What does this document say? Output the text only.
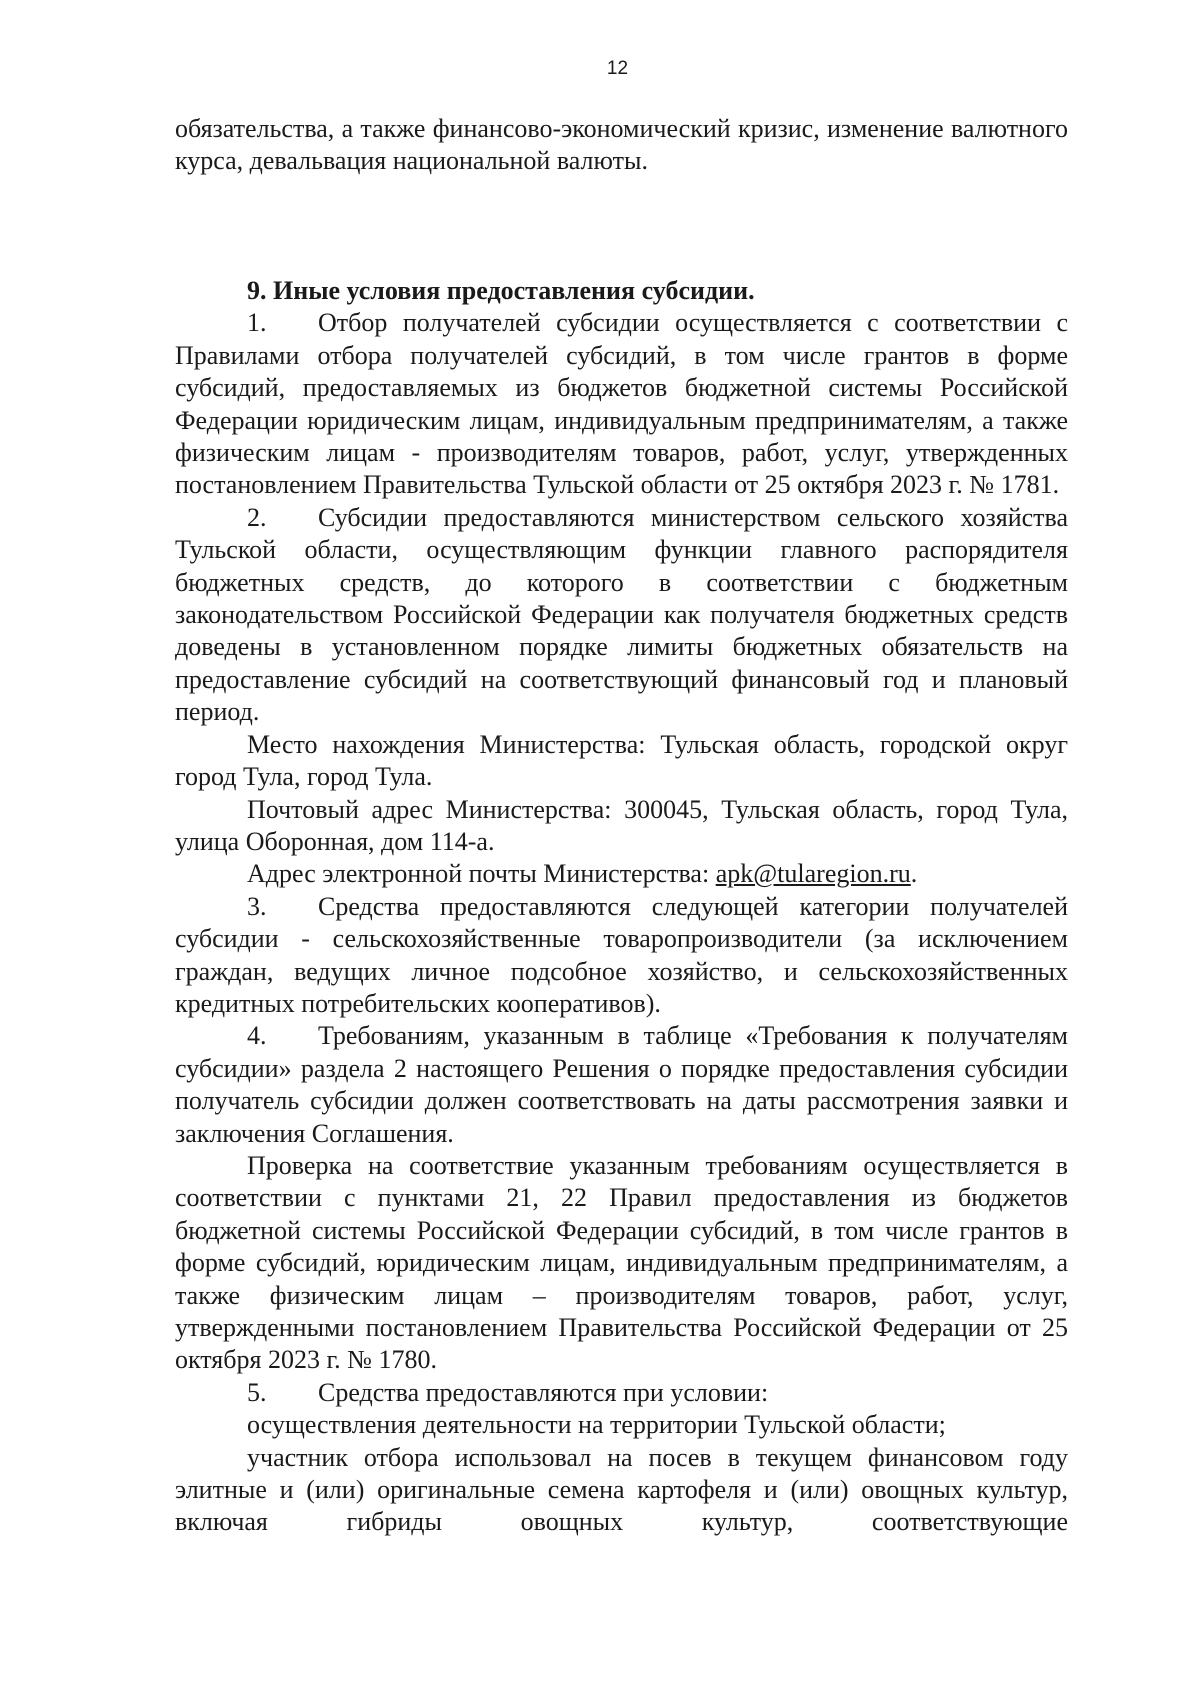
12

обязательства, а также финансово-экономический кризис, изменение валютного курса, девальвация национальной валюты.

9. Иные условия предоставления субсидии.

1. Отбор получателей субсидии осуществляется с соответствии с Правилами отбора получателей субсидий, в том числе грантов в форме субсидий, предоставляемых из бюджетов бюджетной системы Российской Федерации юридическим лицам, индивидуальным предпринимателям, а также физическим лицам - производителям товаров, работ, услуг, утвержденных постановлением Правительства Тульской области от 25 октября 2023 г. № 1781.

2. Субсидии предоставляются министерством сельского хозяйства Тульской области, осуществляющим функции главного распорядителя бюджетных средств, до которого в соответствии с бюджетным законодательством Российской Федерации как получателя бюджетных средств доведены в установленном порядке лимиты бюджетных обязательств на предоставление субсидий на соответствующий финансовый год и плановый период.

Место нахождения Министерства: Тульская область, городской округ город Тула, город Тула.

Почтовый адрес Министерства: 300045, Тульская область, город Тула, улица Оборонная, дом 114-а.

Адрес электронной почты Министерства: apk@tularegion.ru.

3. Средства предоставляются следующей категории получателей субсидии - сельскохозяйственные товаропроизводители (за исключением граждан, ведущих личное подсобное хозяйство, и сельскохозяйственных кредитных потребительских кооперативов).

4. Требованиям, указанным в таблице «Требования к получателям субсидии» раздела 2 настоящего Решения о порядке предоставления субсидии получатель субсидии должен соответствовать на даты рассмотрения заявки и заключения Соглашения.

Проверка на соответствие указанным требованиям осуществляется в соответствии с пунктами 21, 22 Правил предоставления из бюджетов бюджетной системы Российской Федерации субсидий, в том числе грантов в форме субсидий, юридическим лицам, индивидуальным предпринимателям, а также физическим лицам – производителям товаров, работ, услуг, утвержденными постановлением Правительства Российской Федерации от 25 октября 2023 г. № 1780.

5. Средства предоставляются при условии:

осуществления деятельности на территории Тульской области;

участник отбора использовал на посев в текущем финансовом году элитные и (или) оригинальные семена картофеля и (или) овощных культур, включая гибриды овощных культур, соответствующие
